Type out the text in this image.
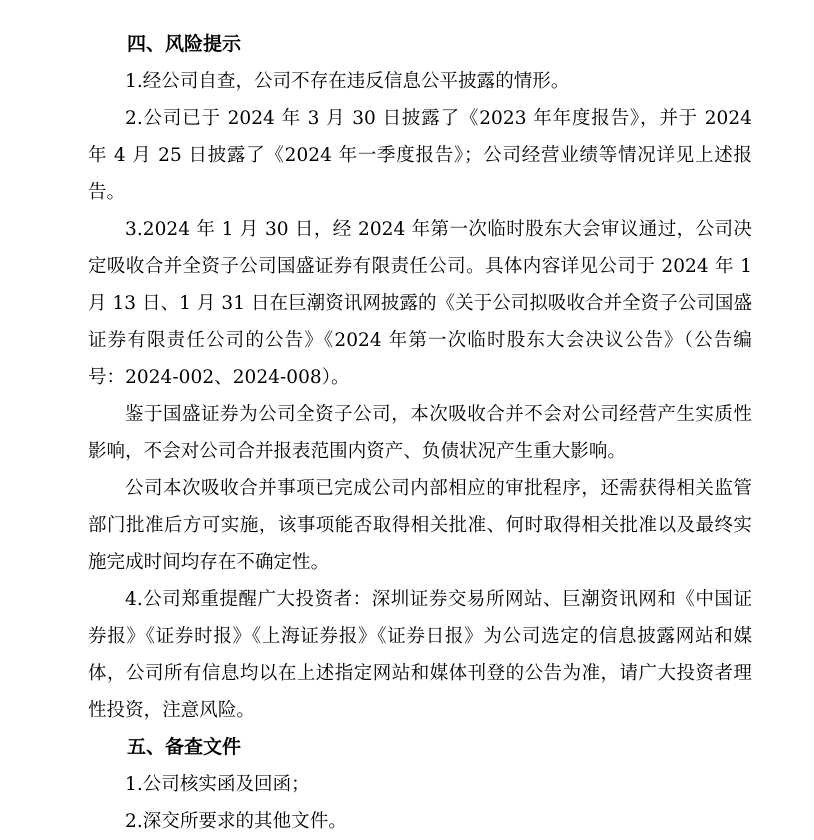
四、风险提示

1.经公司自查，公司不存在违反信息公平披露的情形。

2.公司已于 2024 年 3 月 30 日披露了《2023 年年度报告》，并于 2024 年 4 月 25 日披露了《2024 年一季度报告》；公司经营业绩等情况详见上述报告。

3.2024 年 1 月 30 日，经 2024 年第一次临时股东大会审议通过，公司决定吸收合并全资子公司国盛证券有限责任公司。具体内容详见公司于 2024 年 1 月 13 日、1 月 31 日在巨潮资讯网披露的《关于公司拟吸收合并全资子公司国盛证券有限责任公司的公告》《2024 年第一次临时股东大会决议公告》（公告编号：2024-002、2024-008）。

鉴于国盛证券为公司全资子公司，本次吸收合并不会对公司经营产生实质性影响，不会对公司合并报表范围内资产、负债状况产生重大影响。

公司本次吸收合并事项已完成公司内部相应的审批程序，还需获得相关监管部门批准后方可实施，该事项能否取得相关批准、何时取得相关批准以及最终实施完成时间均存在不确定性。

4.公司郑重提醒广大投资者：深圳证券交易所网站、巨潮资讯网和《中国证券报》《证券时报》《上海证券报》《证券日报》为公司选定的信息披露网站和媒体，公司所有信息均以在上述指定网站和媒体刊登的公告为准，请广大投资者理性投资，注意风险。

五、备查文件

1.公司核实函及回函；

2.深交所要求的其他文件。
